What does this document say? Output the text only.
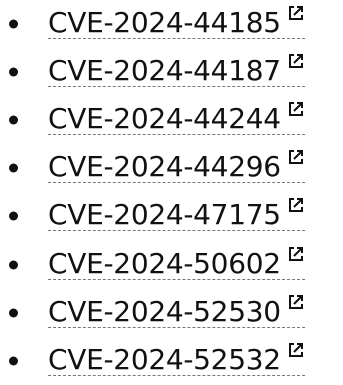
CVE-2024-44185
CVE-2024-44187
CVE-2024-44244
CVE-2024-44296
CVE-2024-47175
CVE-2024-50602
CVE-2024-52530
CVE-2024-52532
